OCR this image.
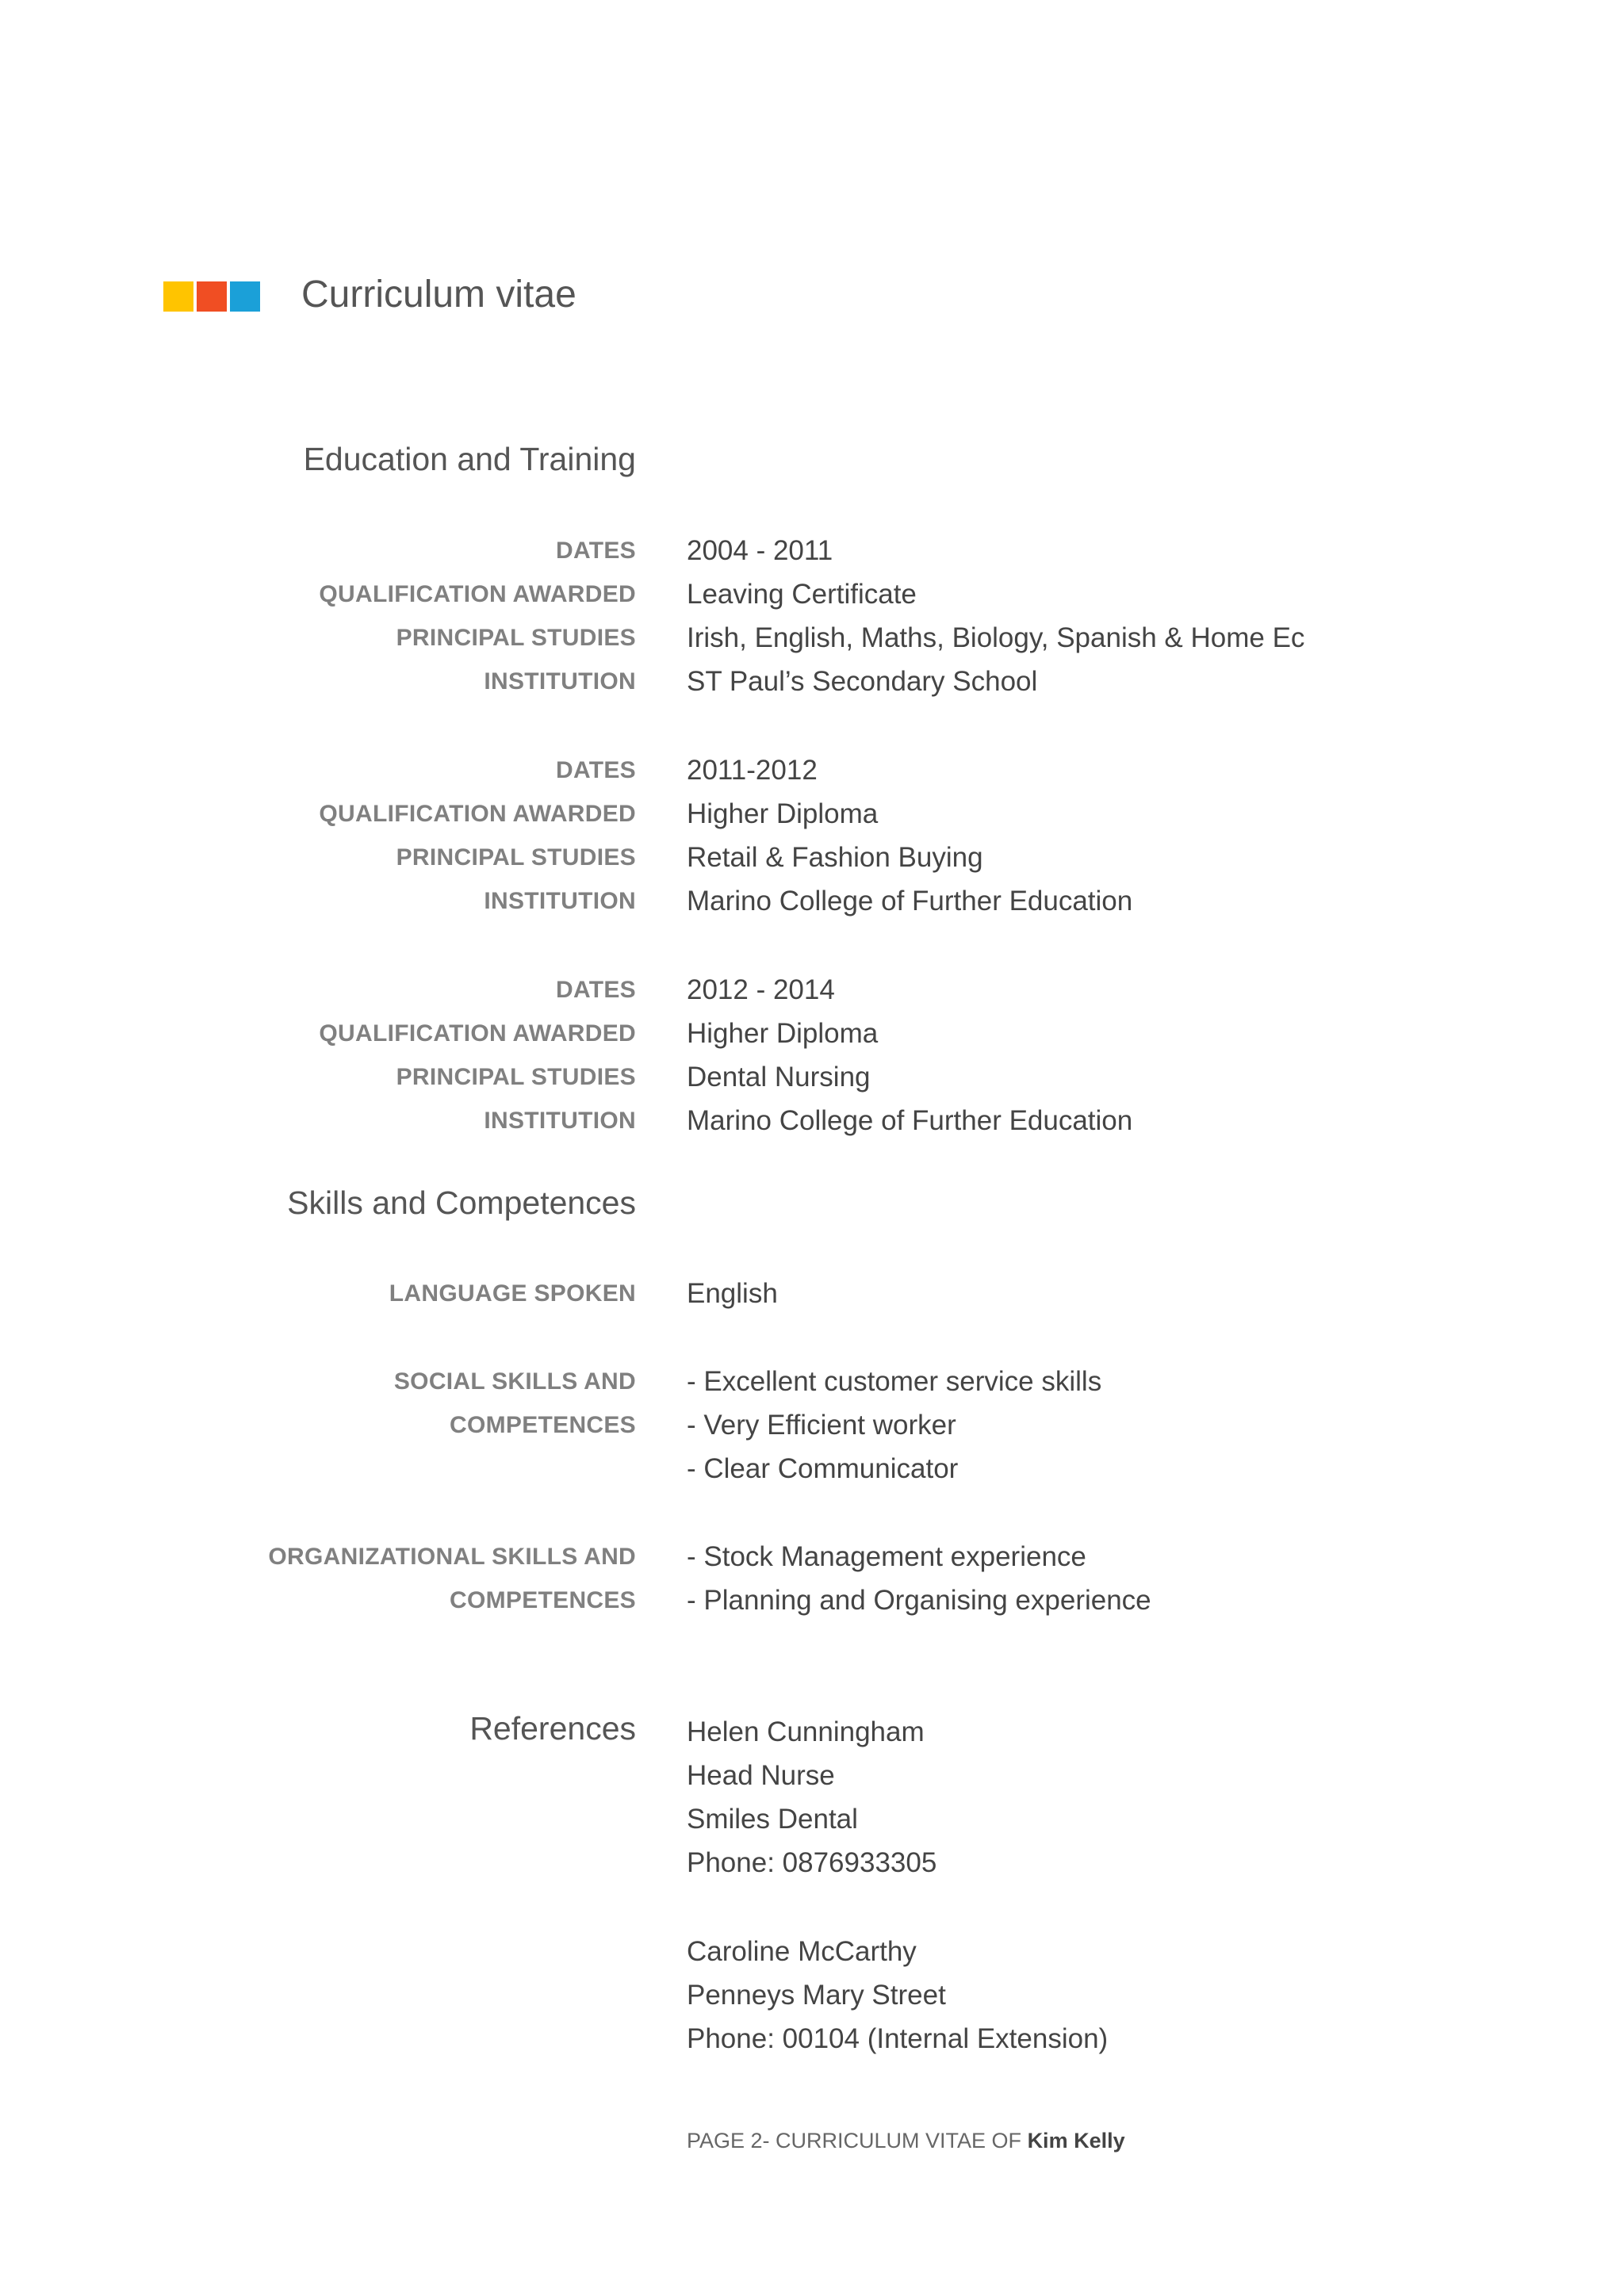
Curriculum vitae
Education and Training
DATES 2004 - 2011
QUALIFICATION AWARDED Leaving Certificate
PRINCIPAL STUDIES Irish, English, Maths, Biology, Spanish & Home Ec
INSTITUTION ST Paul’s Secondary School
DATES 2011-2012
QUALIFICATION AWARDED Higher Diploma
PRINCIPAL STUDIES Retail & Fashion Buying
INSTITUTION Marino College of Further Education
DATES 2012 - 2014
QUALIFICATION AWARDED Higher Diploma
PRINCIPAL STUDIES Dental Nursing
INSTITUTION Marino College of Further Education
Skills and Competences
LANGUAGE SPOKEN English
SOCIAL SKILLS AND - Excellent customer service skills
COMPETENCES - Very Efficient worker
- Clear Communicator
ORGANIZATIONAL SKILLS AND - Stock Management experience
COMPETENCES - Planning and Organising experience
References Helen Cunningham
Head Nurse
Smiles Dental
Phone: 0876933305
Caroline McCarthy
Penneys Mary Street
Phone: 00104 (Internal Extension)
PAGE 2- CURRICULUM VITAE OF Kim Kelly
